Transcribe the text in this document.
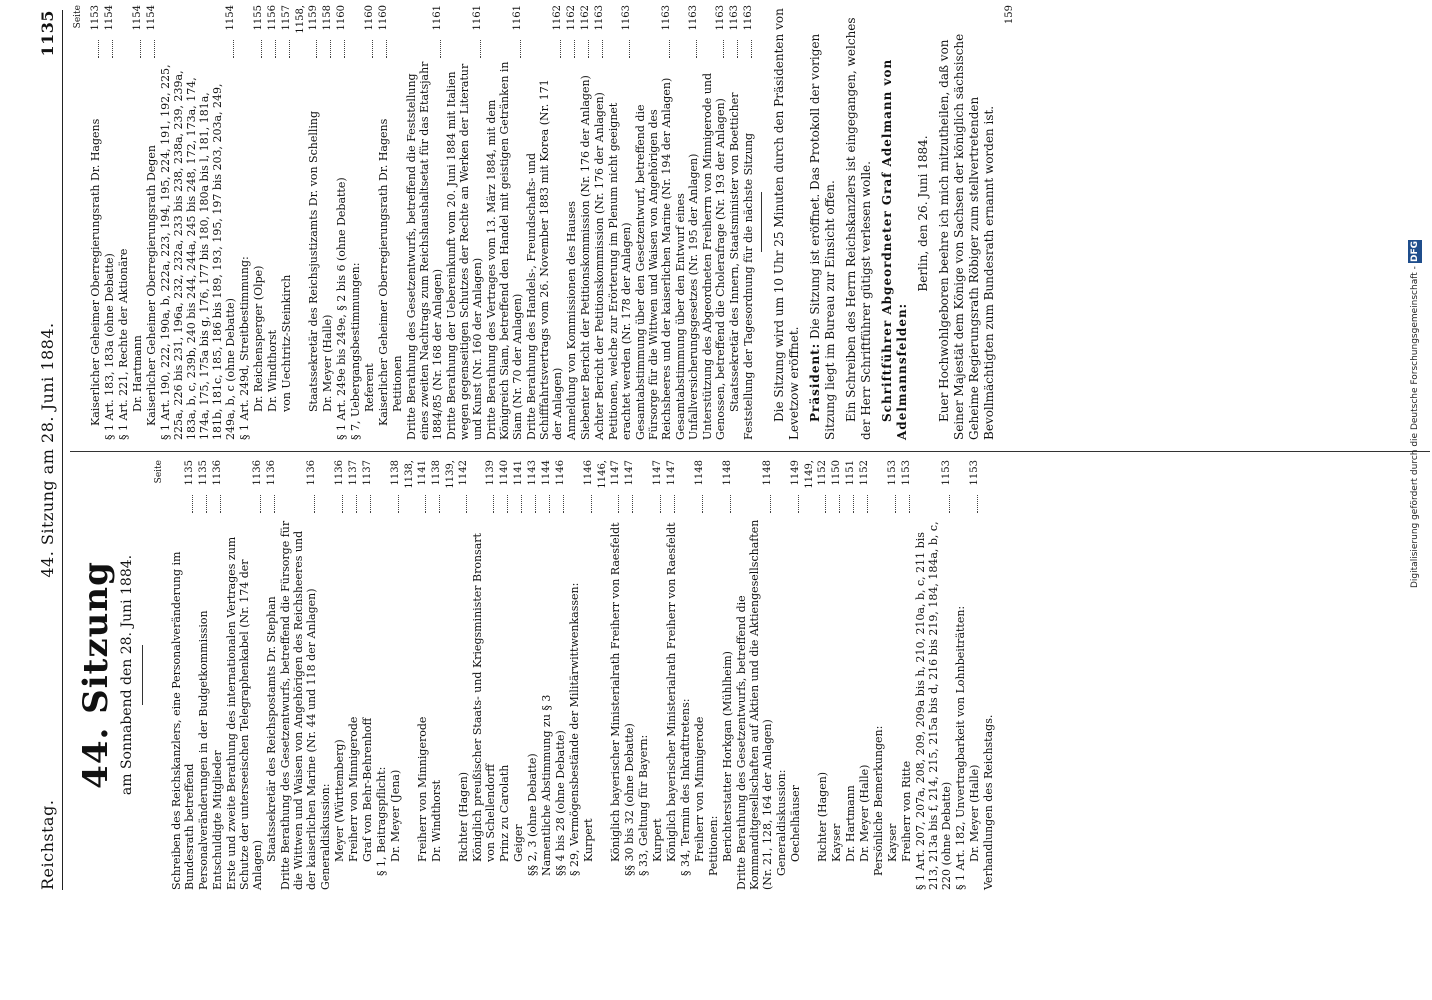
Reichstag.
44. Sitzung am 28. Juni 1884.
1135
44. Sitzung am Sonnabend den 28. Juni 1884.
Seite
Schreiben des Reichskanzlers, eine Personalveränderung im Bundesrath betreffend
1135
Personalveränderungen in der Budgetkommission
1135
Entschuldigte Mitglieder
1136
Erste und zweite Berathung des internationalen Vertrages zum Schutze der unterseeischen Telegraphenkabel (Nr. 174 der Anlagen)
1136
Staatssekretär des Reichspostamts Dr. Stephan
1136
Dritte Berathung des Gesetzentwurfs, betreffend die Fürsorge für die Wittwen und Waisen von Angehörigen des Reichsheeres und der kaiserlichen Marine (Nr. 44 und 118 der Anlagen)
1136
Generaldiskussion: Meyer (Württemberg)
1136
Freiherr von Minnigerode
1137
Graf von Behr-Behrenhoff
1137
§ 1, Beitragspflicht: Dr. Meyer (Jena)
1138
Freiherr von Minnigerode
1138, 1141
Dr. Windthorst
1138
Richter (Hagen)
1139, 1142
Königlich preußischer Staats- und Kriegsminister Bronsart von Schellendorff
1139
Prinz zu Carolath
1140
Geiger
1141
§§ 2, 3 (ohne Debatte)
1143
Namentliche Abstimmung zu § 3
1144
§§ 4 bis 28 (ohne Debatte)
1146
§ 29, Vermögensbestände der Militärwittwenkassen: Kurpert
1146
Königlich bayerischer Ministerialrath Freiherr von Raesfeldt
1146, 1147
§§ 30 bis 32 (ohne Debatte)
1147
§ 33, Geltung für Bayern: Kurpert
1147
Königlich bayerischer Ministerialrath Freiherr von Raesfeldt
1147
§ 34, Termin des Inkrafttretens: Freiherr von Minnigerode
1148
Petitionen: Berichterstatter Horkgan (Mühlheim)
1148
Dritte Berathung des Gesetzentwurfs, betreffend die Kommanditgesellschaften auf Aktien und die Aktiengesellschaften (Nr. 21, 128, 164 der Anlagen)
1148
Generaldiskussion: Oechelhäuser
1149
Richter (Hagen)
1149, 1152
Kayser
1150
Dr. Hartmann
1151
Dr. Meyer (Halle)
1152
Persönliche Bemerkungen: Kayser
1153
Freiherr von Ritte
1153
§ 1 Art. 207, 207a, 208, 209, 209a bis h, 210, 210a, b, c, 211 bis 213, 213a bis f, 214, 215, 215a bis d, 216 bis 219, 184, 184a, b, c, 220 (ohne Debatte)
1153
§ 1 Art. 182, Unvertragbarkeit von Lohnbeiträtten: Dr. Meyer (Halle)
1153
Verhandlungen des Reichstags.
Seite
Kaiserlicher Geheimer Oberregierungsrath Dr. Hagens
1153
§ 1 Art. 183, 183a (ohne Debatte)
1154
§ 1 Art. 221, Rechte der Aktionäre Dr. Hartmann
1154
Kaiserlicher Geheimer Oberregierungsrath Degen
1154
§ 1 Art. 190, 222, 190a, b, 222a, 223, 194, 195, 224, 191, 192, 225, 225a, 226 bis 231, 196a, 232, 232a, 233 bis 238, 238a, 239, 239a, 183a, b, c, 239b, 240 bis 244, 244a, 245 bis 248, 172, 173a, 174, 174a, 175, 175a bis g, 176, 177 bis 180, 180a bis l, 181, 181a, 181b, 181c, 185, 186 bis 189, 193, 195, 197 bis 203, 203a, 249, 249a, b, c (ohne Debatte)
1154
§ 1 Art. 249d, Streitbestimmung: Dr. Reichensperger (Olpe)
1155
Dr. Windthorst
1156
von Uechtritz-Steinkirch
1157
Staatssekretär des Reichsjustizamts Dr. von Schelling
1158, 1159
Dr. Meyer (Halle)
1158
§ 1 Art. 249e bis 249e, § 2 bis 6 (ohne Debatte)
1160
§ 7, Uebergangsbestimmungen: Referent
1160
Kaiserlicher Geheimer Oberregierungsrath Dr. Hagens
1160
Petitionen Dritte Berathung des Gesetzentwurfs, betreffend die Feststellung eines zweiten Nachtrags zum Reichshaushaltsetat für das Etatsjahr 1884/85 (Nr. 168 der Anlagen)
1161
Dritte Berathung der Uebereinkunft vom 20. Juni 1884 mit Italien wegen gegenseitigen Schutzes der Rechte an Werken der Literatur und Kunst (Nr. 160 der Anlagen)
1161
Dritte Berathung des Vertrages vom 13. März 1884, mit dem Königreich Siam, betreffend den Handel mit geistigen Getränken in Siam (Nr. 70 der Anlagen)
1161
Dritte Berathung des Handels-, Freundschafts- und Schifffahrtsvertrags vom 26. November 1883 mit Korea (Nr. 171 der Anlagen)
1162
Anmeldung von Kommissionen des Hauses
1162
Siebenter Bericht der Petitionskommission (Nr. 176 der Anlagen)
1162
Achter Bericht der Petitionskommission (Nr. 176 der Anlagen)
1163
Petitionen, welche zur Erörterung im Plenum nicht geeignet erachtet werden (Nr. 178 der Anlagen)
1163
Gesamtabstimmung über den Gesetzentwurf, betreffend die Fürsorge für die Wittwen und Waisen von Angehörigen des Reichsheeres und der kaiserlichen Marine (Nr. 194 der Anlagen)
1163
Gesamtabstimmung über den Entwurf eines Unfallversicherungsgesetzes (Nr. 195 der Anlagen)
1163
Unterstützung des Abgeordneten Freiherrn von Minnigerode und Genossen, betreffend die Cholerafrage (Nr. 193 der Anlagen)
1163
Staatssekretär des Innern, Staatsminister von Boetticher
1163
Feststellung der Tagesordnung für die nächste Sitzung
1163 Die Sitzung wird um 10 Uhr 25 Minuten durch den Präsidenten von Levetzow eröffnet. Präsident: Die Sitzung ist eröffnet. Das Protokoll der vorigen Sitzung liegt im Bureau zur Einsicht offen. Ein Schreiben des Herrn Reichskanzlers ist eingegangen, welches der Herr Schriftführer gütigst verlesen wolle. Schriftführer Abgeordneter Graf Adelmann von Adelmannsfelden:

Berlin, den 26. Juni 1884. Euer Hochwohlgeboren beehre ich mich mitzutheilen, daß von Seiner Majestät dem Könige von Sachsen der königlich sächsische Geheime Regierungsrath Röbiger zum stellvertretenden Bevollmächtigten zum Bundesrath ernannt worden ist.

159
Digitalisierung gefördert durch die Deutsche Forschungsgemeinschaft - DFG
